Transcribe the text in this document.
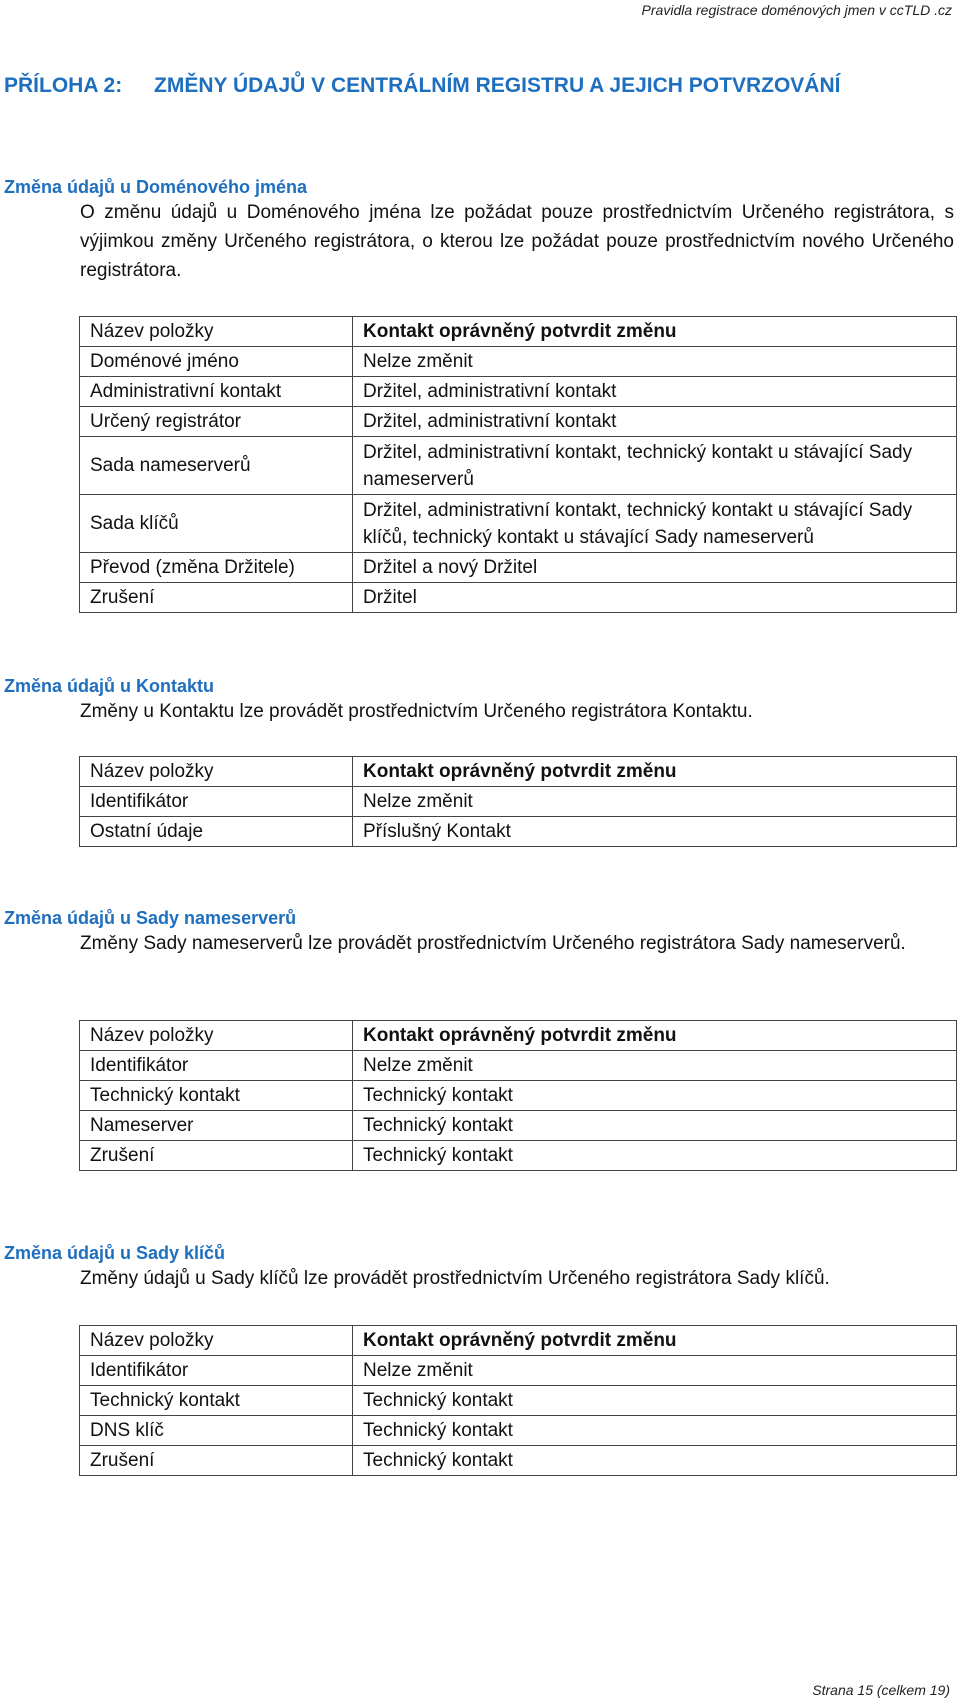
Pravidla registrace doménových jmen v ccTLD .cz
PŘÍLOHA 2: ZMĚNY ÚDAJŮ V CENTRÁLNÍM REGISTRU A JEJICH POTVRZOVÁNÍ
Změna údajů u Doménového jména
O změnu údajů u Doménového jména lze požádat pouze prostřednictvím Určeného registrátora, s výjimkou změny Určeného registrátora, o kterou lze požádat pouze prostřednictvím nového Určeného registrátora.
Název položky	Kontakt oprávněný potvrdit změnu
Doménové jméno	Nelze změnit
Administrativní kontakt	Držitel, administrativní kontakt
Určený registrátor	Držitel, administrativní kontakt
Sada nameserverů	Držitel, administrativní kontakt, technický kontakt u stávající Sady nameserverů
Sada klíčů	Držitel, administrativní kontakt, technický kontakt u stávající Sady klíčů, technický kontakt u stávající Sady nameserverů
Převod (změna Držitele)	Držitel a nový Držitel
Zrušení	Držitel
Změna údajů u Kontaktu
Změny u Kontaktu lze provádět prostřednictvím Určeného registrátora Kontaktu.
Název položky	Kontakt oprávněný potvrdit změnu
Identifikátor	Nelze změnit
Ostatní údaje	Příslušný Kontakt
Změna údajů u Sady nameserverů
Změny Sady nameserverů lze provádět prostřednictvím Určeného registrátora Sady nameserverů.
Název položky	Kontakt oprávněný potvrdit změnu
Identifikátor	Nelze změnit
Technický kontakt	Technický kontakt
Nameserver	Technický kontakt
Zrušení	Technický kontakt
Změna údajů u Sady klíčů
Změny údajů u Sady klíčů lze provádět prostřednictvím Určeného registrátora Sady klíčů.
Název položky	Kontakt oprávněný potvrdit změnu
Identifikátor	Nelze změnit
Technický kontakt	Technický kontakt
DNS klíč	Technický kontakt
Zrušení	Technický kontakt
Strana 15 (celkem 19)
